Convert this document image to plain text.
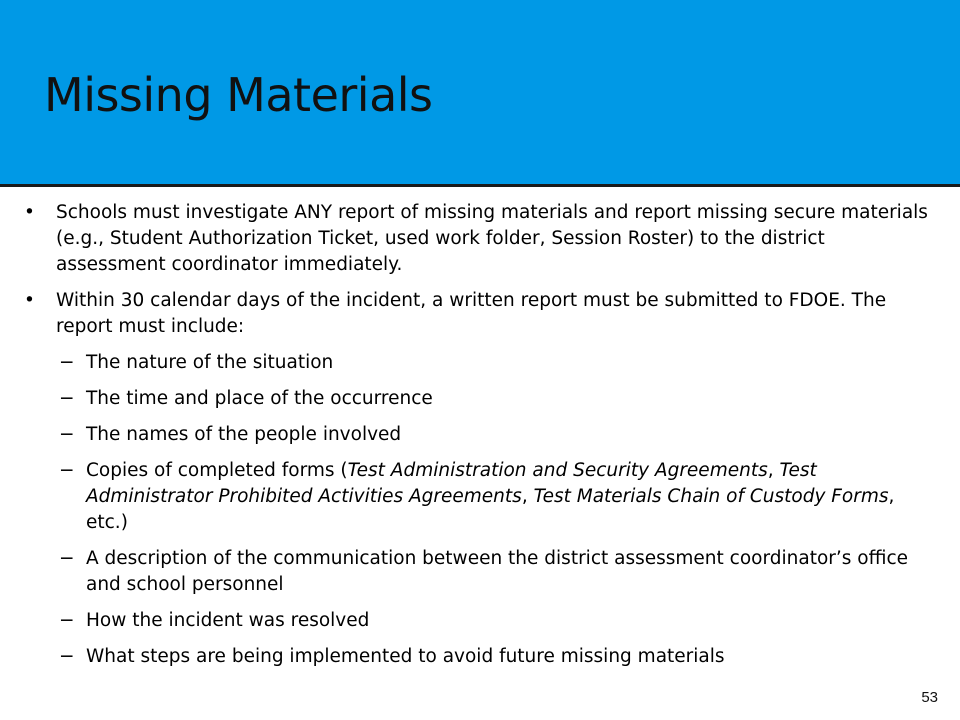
Missing Materials
• Schools must investigate ANY report of missing materials and report missing secure materials (e.g., Student Authorization Ticket, used work folder, Session Roster) to the district assessment coordinator immediately.
• Within 30 calendar days of the incident, a written report must be submitted to FDOE. The report must include:
− The nature of the situation
− The time and place of the occurrence
− The names of the people involved
− Copies of completed forms (Test Administration and Security Agreements, Test Administrator Prohibited Activities Agreements, Test Materials Chain of Custody Forms, etc.)
− A description of the communication between the district assessment coordinator’s office and school personnel
− How the incident was resolved
− What steps are being implemented to avoid future missing materials
53
